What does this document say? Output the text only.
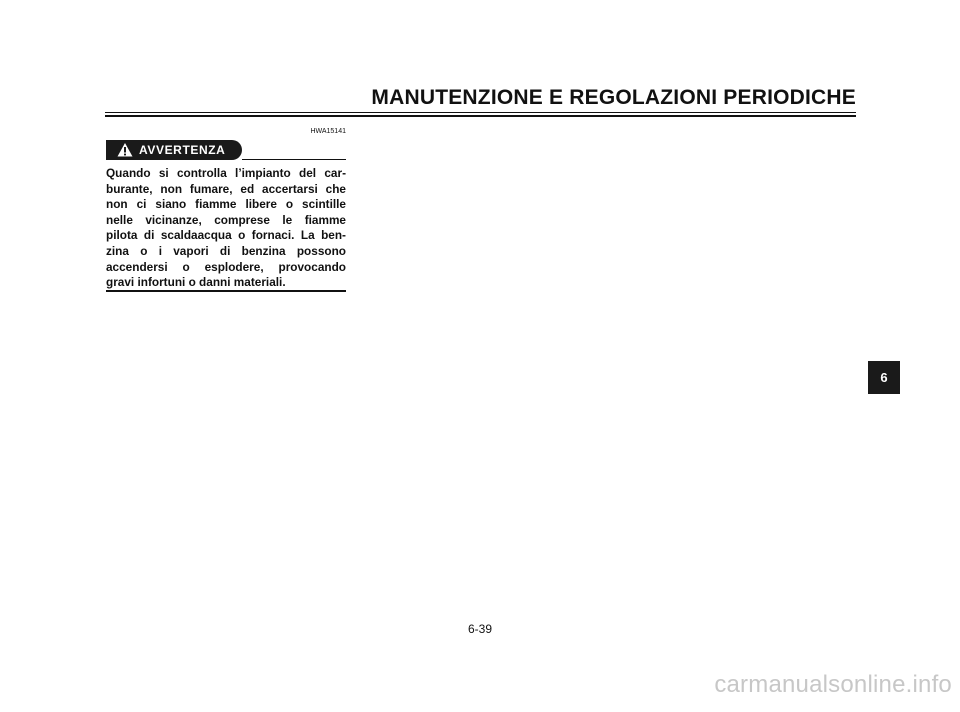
MANUTENZIONE E REGOLAZIONI PERIODICHE
HWA15141
AVVERTENZA
Quando si controlla l’impianto del car-
burante, non fumare, ed accertarsi che
non ci siano fiamme libere o scintille
nelle vicinanze, comprese le fiamme
pilota di scaldaacqua o fornaci. La ben-
zina o i vapori di benzina possono
accendersi o esplodere, provocando
gravi infortuni o danni materiali.
6
6-39
carmanualsonline.info
